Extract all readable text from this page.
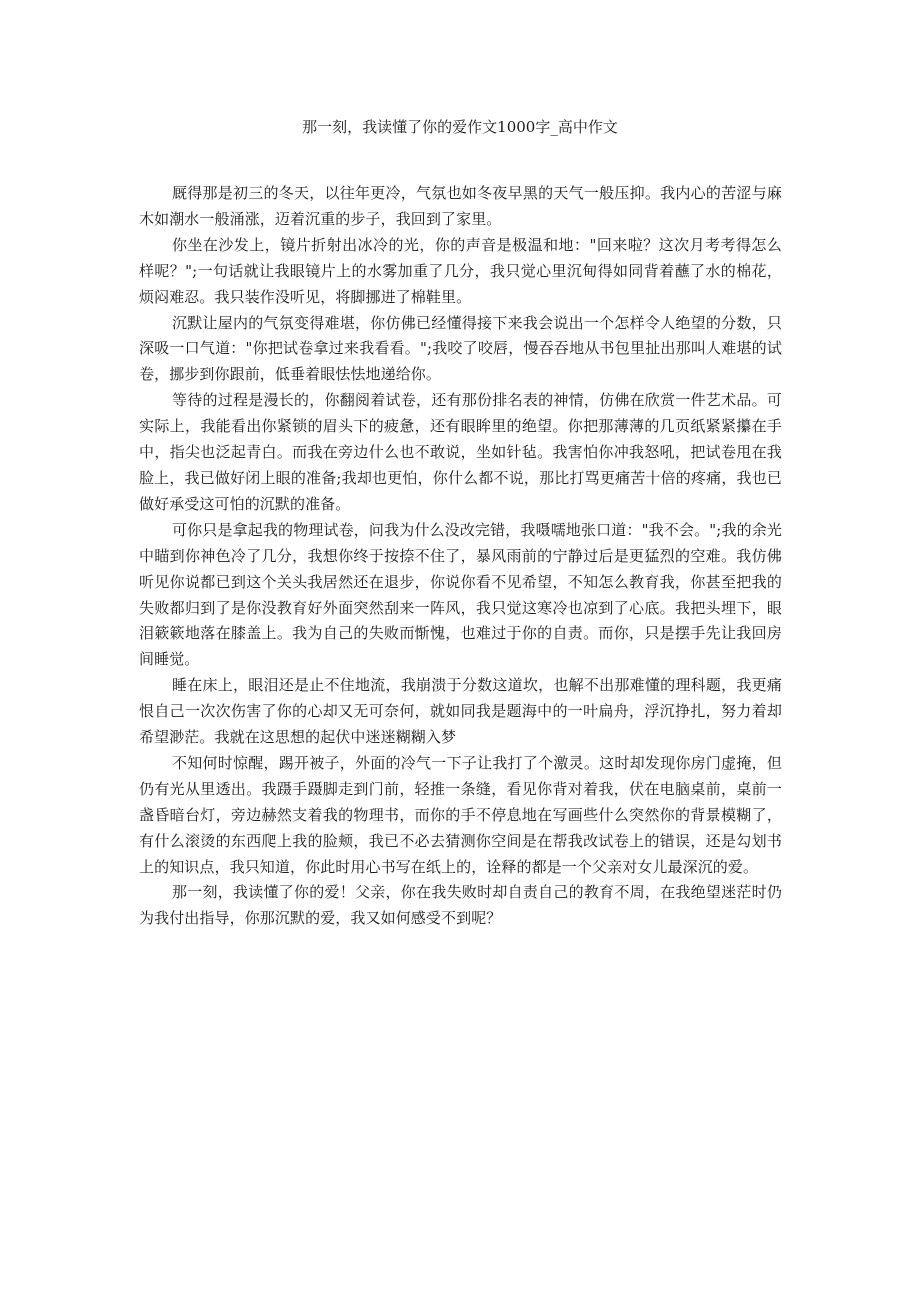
那一刻，我读懂了你的爱作文1000字_高中作文

厩得那是初三的冬天，以往年更冷，气氛也如冬夜早黑的天气一般压抑。我内心的苦涩与麻木如潮水一般涌涨，迈着沉重的步子，我回到了家里。

你坐在沙发上，镜片折射出冰冷的光，你的声音是极温和地："回来啦？这次月考考得怎么样呢？";一句话就让我眼镜片上的水雾加重了几分，我只觉心里沉甸得如同背着蘸了水的棉花，烦闷难忍。我只装作没听见，将脚挪进了棉鞋里。

沉默让屋内的气氛变得难堪，你仿佛已经懂得接下来我会说出一个怎样令人绝望的分数，只深吸一口气道："你把试卷拿过来我看看。";我咬了咬唇，慢吞吞地从书包里扯出那叫人难堪的试卷，挪步到你跟前，低垂着眼怯怯地递给你。

等待的过程是漫长的，你翻阅着试卷，还有那份排名表的神情，仿佛在欣赏一件艺术品。可实际上，我能看出你紧锁的眉头下的疲惫，还有眼眸里的绝望。你把那薄薄的几页纸紧紧攥在手中，指尖也泛起青白。而我在旁边什么也不敢说，坐如针毡。我害怕你冲我怒吼，把试卷甩在我脸上，我已做好闭上眼的准备;我却也更怕，你什么都不说，那比打骂更痛苦十倍的疼痛，我也已做好承受这可怕的沉默的准备。

可你只是拿起我的物理试卷，问我为什么没改完错，我嗫嚅地张口道："我不会。";我的余光中瞄到你神色冷了几分，我想你终于按捺不住了，暴风雨前的宁静过后是更猛烈的空难。我仿佛听见你说都已到这个关头我居然还在退步，你说你看不见希望，不知怎么教育我，你甚至把我的失败都归到了是你没教育好外面突然刮来一阵风，我只觉这寒冷也凉到了心底。我把头埋下，眼泪簌簌地落在膝盖上。我为自己的失败而惭愧，也难过于你的自责。而你，只是摆手先让我回房间睡觉。

睡在床上，眼泪还是止不住地流，我崩溃于分数这道坎，也解不出那难懂的理科题，我更痛恨自己一次次伤害了你的心却又无可奈何，就如同我是题海中的一叶扁舟，浮沉挣扎，努力着却希望渺茫。我就在这思想的起伏中迷迷糊糊入梦

不知何时惊醒，踢开被子，外面的冷气一下子让我打了个激灵。这时却发现你房门虚掩，但仍有光从里透出。我蹑手蹑脚走到门前，轻推一条缝，看见你背对着我，伏在电脑桌前，桌前一盏昏暗台灯，旁边赫然支着我的物理书，而你的手不停息地在写画些什么突然你的背景模糊了，有什么滚烫的东西爬上我的脸颊，我已不必去猜测你空间是在帮我改试卷上的错误，还是勾划书上的知识点，我只知道，你此时用心书写在纸上的，诠释的都是一个父亲对女儿最深沉的爱。

那一刻，我读懂了你的爱！父亲，你在我失败时却自责自己的教育不周，在我绝望迷茫时仍为我付出指导，你那沉默的爱，我又如何感受不到呢？
